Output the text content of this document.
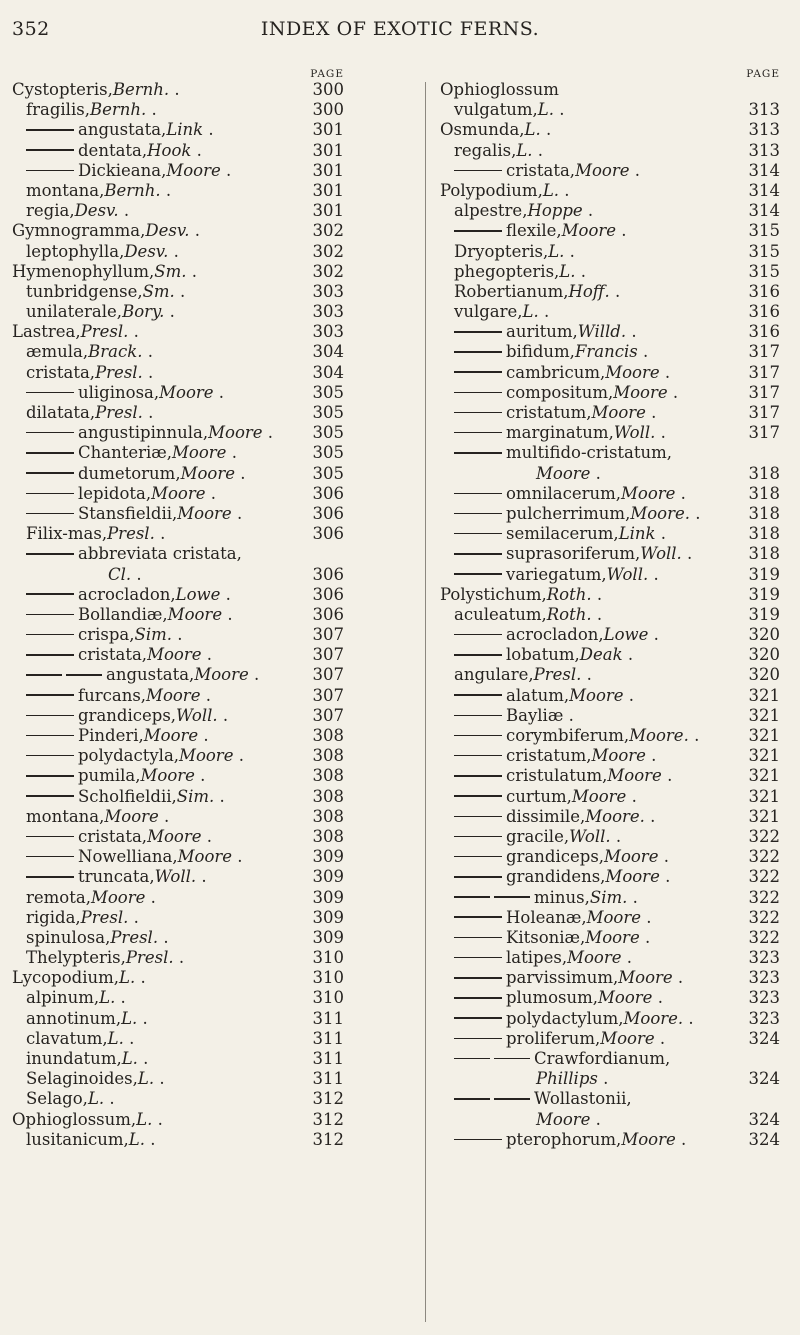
352	INDEX OF EXOTIC FERNS.
PAGE
Cystopteris,Bernh. .	300
fragilis,Bernh. .	300
angustata,Link .	301
dentata,Hook .	301
Dickieana,Moore .	301
montana,Bernh. .	301
regia,Desv. .	301
Gymnogramma,Desv. .	302
leptophylla,Desv. .	302
Hymenophyllum,Sm. .	302
tunbridgense,Sm. .	303
unilaterale,Bory. .	303
Lastrea,Presl. .	303
æmula,Brack. .	304
cristata,Presl. .	304
uliginosa,Moore .	305
dilatata,Presl. .	305
angustipinnula,Moore . 305
Chanteriæ,Moore .	305
dumetorum,Moore .	305
lepidota,Moore .	306
Stansfieldii,Moore .	306
Filix-mas,Presl. .	306
abbreviata cristata,
Cl. .	306
acrocladon,Lowe .	306
Bollandiæ,Moore .	306
crispa,Sim. .	307
cristata,Moore .	307
angustata,Moore .	307
furcans,Moore .	307
grandiceps,Woll. .	307
Pinderi,Moore .	308
polydactyla,Moore .	308
pumila,Moore .	308
Scholfieldii,Sim. .	308
montana,Moore .	308
cristata,Moore .	308
Nowelliana,Moore .	309
truncata,Woll. .	309
remota,Moore .	309
rigida,Presl. .	309
spinulosa,Presl. .	309
Thelypteris,Presl. .	310
Lycopodium,L. .	310
alpinum,L. .	310
annotinum,L. .	311
clavatum,L. .	311
inundatum,L. .	311
Selaginoides,L. .	311
Selago,L. .	312
Ophioglossum,L. .	312
lusitanicum,L. .	312
PAGE
Ophioglossum
vulgatum,L. .	313
Osmunda,L. .	313
regalis,L. .	313
cristata,Moore .	314
Polypodium,L. .	314
alpestre,Hoppe .	314
flexile,Moore .	315
Dryopteris,L. .	315
phegopteris,L. .	315
Robertianum,Hoff. .	316
vulgare,L. .	316
auritum,Willd. .	316
bifidum,Francis .	317
cambricum,Moore .	317
compositum,Moore .	317
cristatum,Moore .	317
marginatum,Woll. .	317
multifido-cristatum,
Moore .	318
omnilacerum,Moore .	318
pulcherrimum,Moore. .	318
semilacerum,Link .	318
suprasoriferum,Woll. .	318
variegatum,Woll. .	319
Polystichum,Roth. .	319
aculeatum,Roth. .	319
acrocladon,Lowe .	320
lobatum,Deak .	320
angulare,Presl. .	320
alatum,Moore .	321
Bayliæ .	321
corymbiferum,Moore. .	321
cristatum,Moore .	321
cristulatum,Moore .	321
curtum,Moore .	321
dissimile,Moore. .	321
gracile,Woll. .	322
grandiceps,Moore .	322
grandidens,Moore .	322
minus,Sim. .	322
Holeanæ,Moore .	322
Kitsoniæ,Moore .	322
latipes,Moore .	323
parvissimum,Moore .	323
plumosum,Moore .	323
polydactylum,Moore. .	323
proliferum,Moore .	324
Crawfordianum,
Phillips .	324
Wollastonii,
Moore .	324
pterophorum,Moore .	324
